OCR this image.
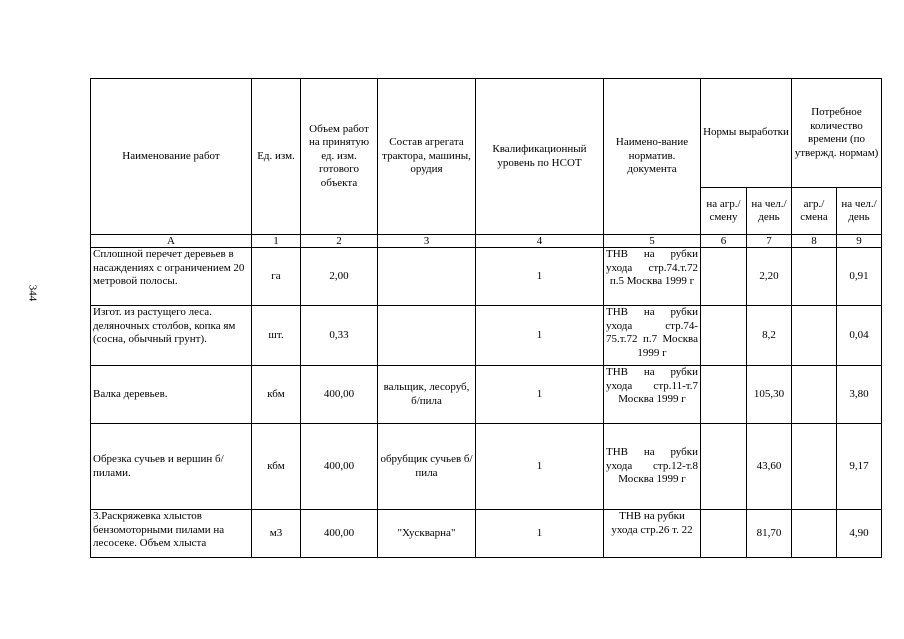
344
Наименование работ	Ед. изм.	Объем работ на принятую ед. изм. готового объекта	Состав агрегата трактора, машины, орудия	Квалификационный уровень по НСОТ	Наимено-вание норматив. документа	Нормы выработки		Потребное количество времени (по утвержд. нормам)	
						на агр./ смену	на чел./ день	агр./ смена	на чел./ день
А	1	2	3	4	5	6	7	8	9
Сплошной перечет деревьев в насаждениях с ограничением 20 метровой полосы.	га	2,00		1	ТНВ на рубки ухода стр.74.т.72 п.5 Москва 1999 г		2,20		0,91
Изгот. из растущего леса. деляночных столбов, копка ям (сосна, обычный грунт).	шт.	0,33		1	ТНВ на рубки ухода стр.74-75.т.72 п.7 Москва 1999 г		8,2		0,04
Валка деревьев.	кбм	400,00	вальщик, лесоруб, б/пила	1	ТНВ на рубки ухода стр.11-т.7 Москва 1999 г		105,30		3,80
Обрезка сучьев и вершин б/пилами.	кбм	400,00	обрубщик сучьев б/пила	1	ТНВ на рубки ухода стр.12-т.8 Москва 1999 г		43,60		9,17
3.Раскряжевка хлыстов бензомоторными пилами на лесосеке. Объем хлыста	м3	400,00	"Хускварна"	1	ТНВ на рубки ухода стр.26 т. 22		81,70		4,90
